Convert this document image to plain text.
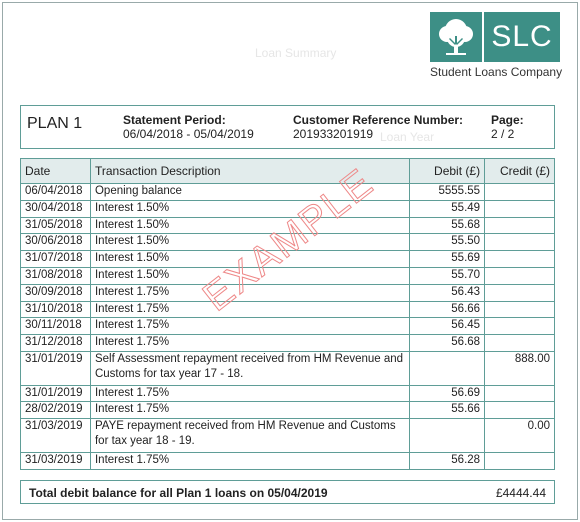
Loan Summary
Loan Year
SLC
Student Loans Company
PLAN 1	Statement Period:
06/04/2018 - 05/04/2019
Customer Reference Number:
201933201919
Page:
2 / 2
Date	Transaction Description	Debit (£)	Credit (£)
06/04/2018	Opening balance	5555.55	
30/04/2018	Interest 1.50%	55.49	
31/05/2018	Interest 1.50%	55.68	
30/06/2018	Interest 1.50%	55.50	
31/07/2018	Interest 1.50%	55.69	
31/08/2018	Interest 1.50%	55.70	
30/09/2018	Interest 1.75%	56.43	
31/10/2018	Interest 1.75%	56.66	
30/11/2018	Interest 1.75%	56.45	
31/12/2018	Interest 1.75%	56.68	
31/01/2019	Self Assessment repayment received from HM Revenue and Customs for tax year 17 - 18.		888.00
31/01/2019	Interest 1.75%	56.69	
28/02/2019	Interest 1.75%	55.66	
31/03/2019	PAYE repayment received from HM Revenue and Customs for tax year 18 - 19.		0.00
31/03/2019	Interest 1.75%	56.28	
EXAMPLE
Total debit balance for all Plan 1 loans on 05/04/2019	£4444.44
